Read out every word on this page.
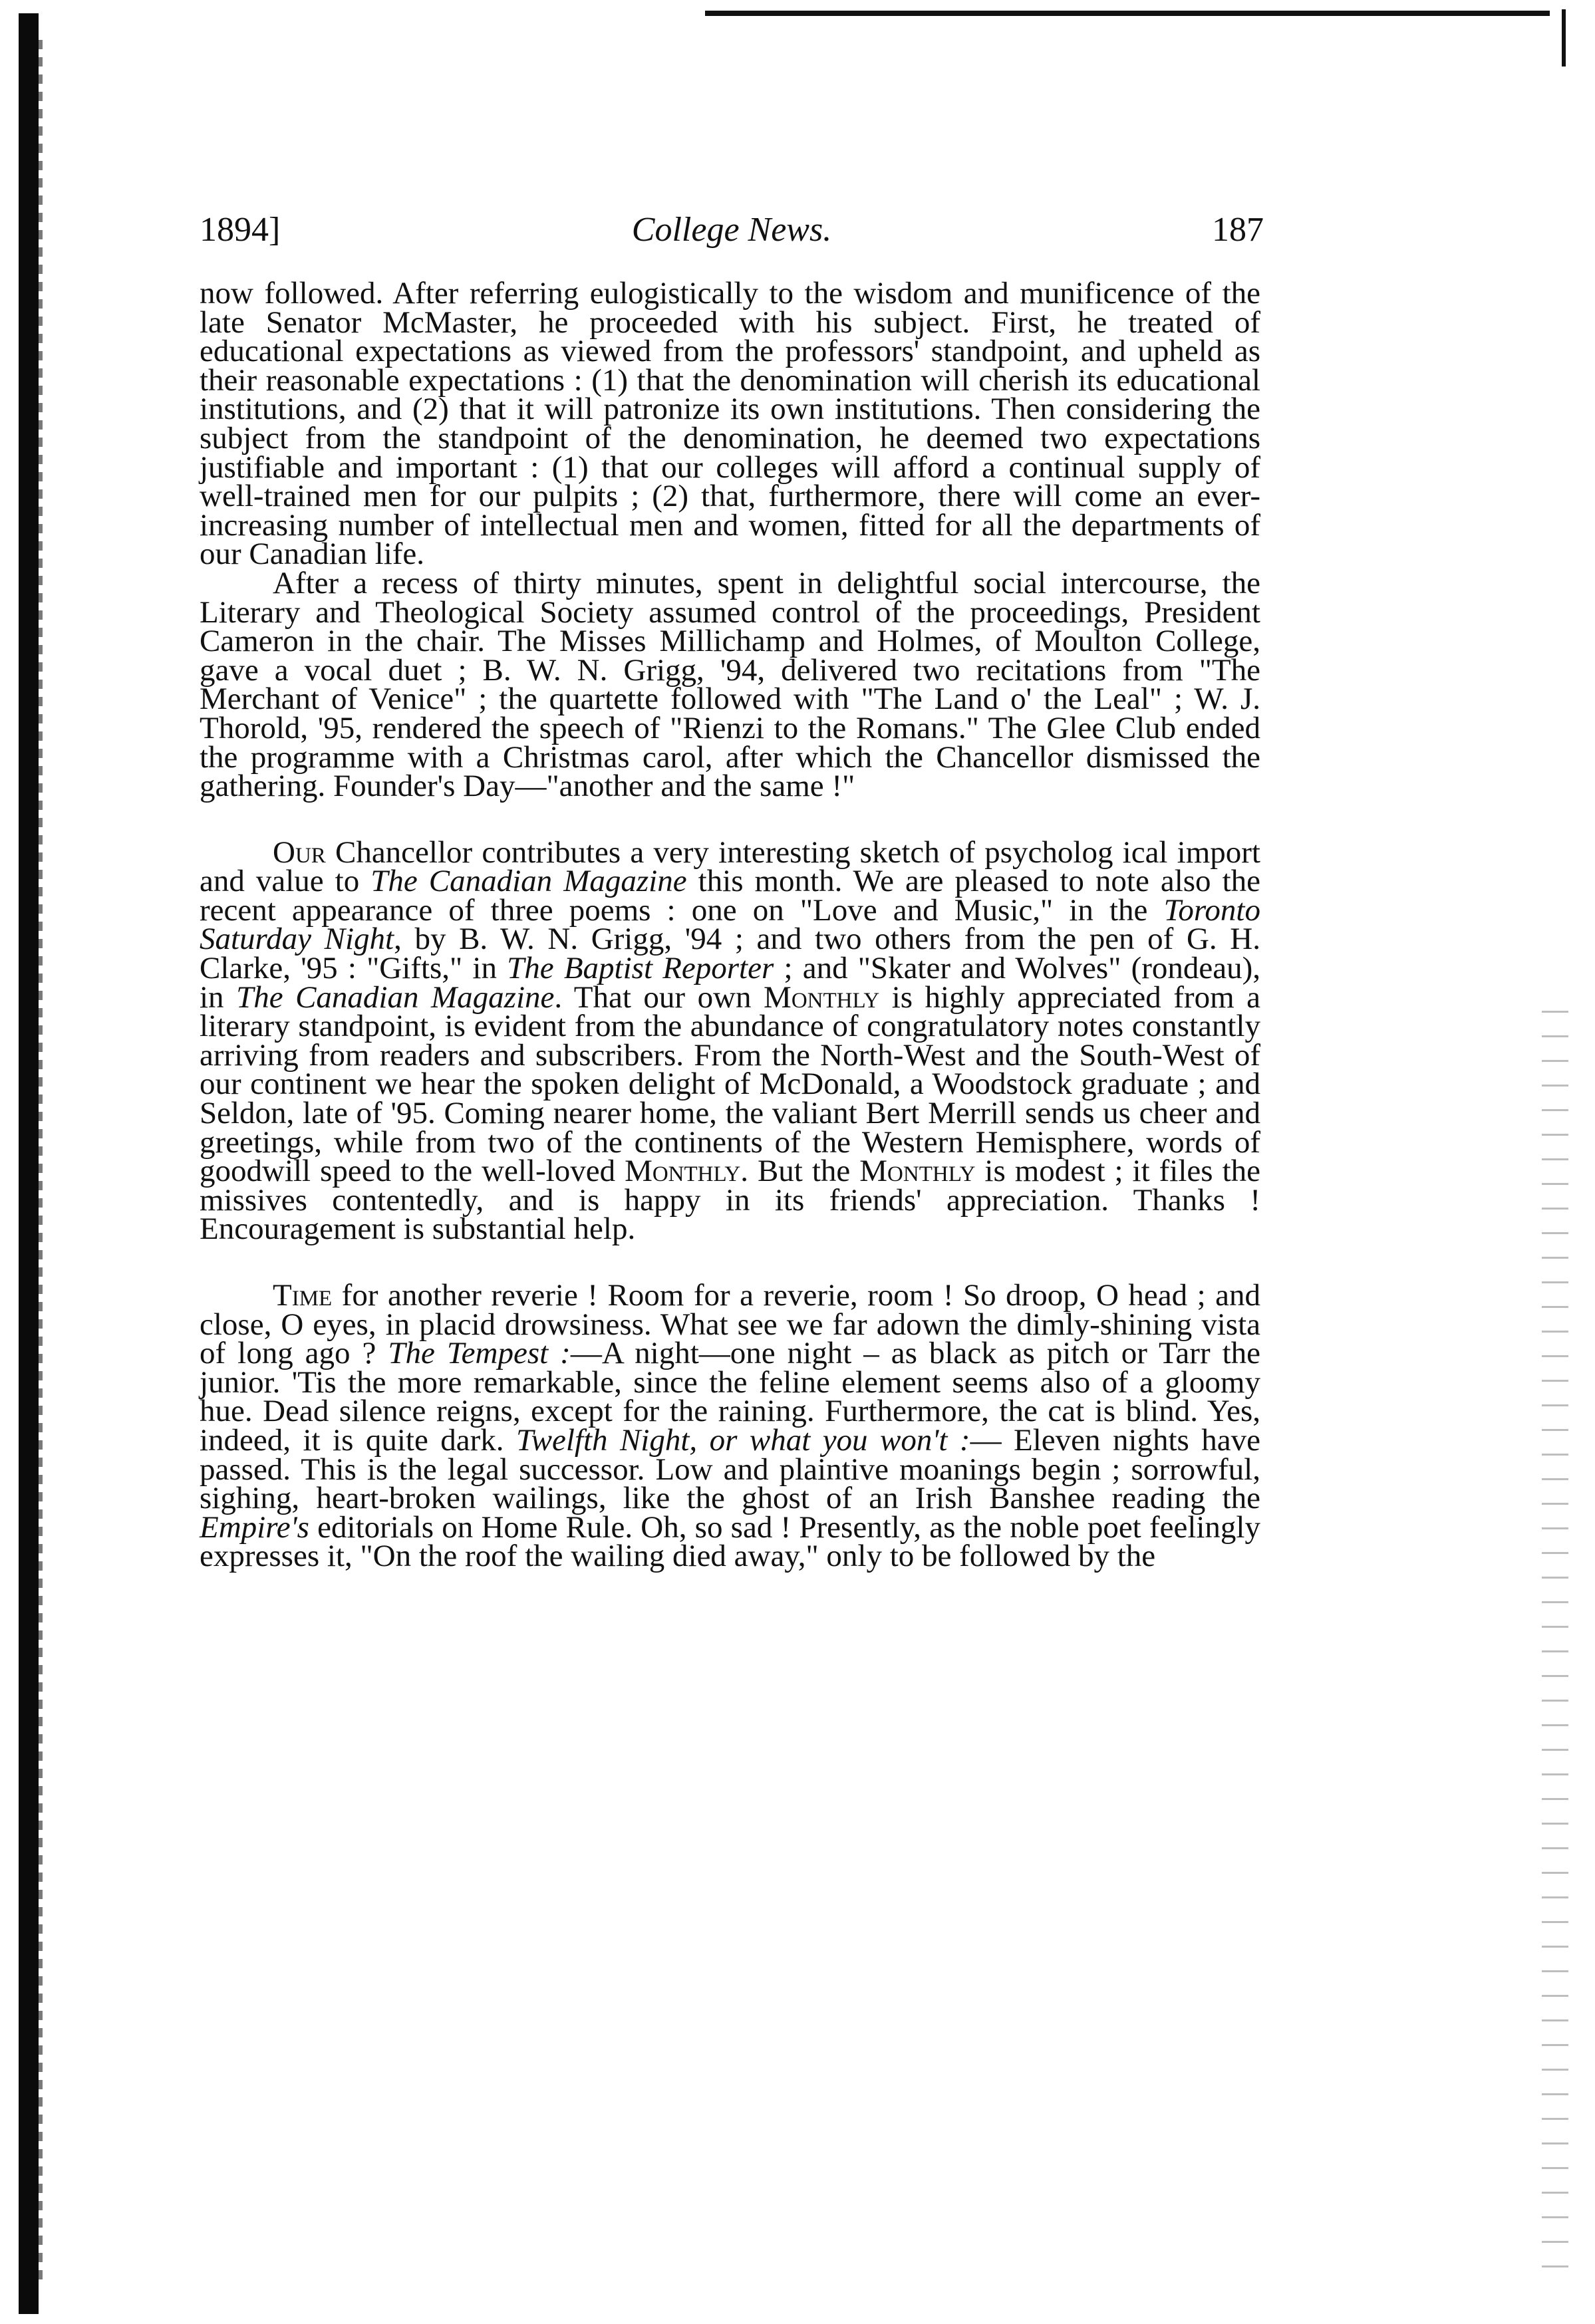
1894]	College News.	187

now followed. After referring eulogistically to the wisdom and munificence of the late Senator McMaster, he proceeded with his subject. First, he treated of educational expectations as viewed from the professors' standpoint, and upheld as their reasonable expectations : (1) that the denomination will cherish its educational institutions, and (2) that it will patronize its own institutions. Then considering the subject from the standpoint of the denomination, he deemed two expectations justifiable and important : (1) that our colleges will afford a continual supply of well-trained men for our pulpits ; (2) that, furthermore, there will come an ever-increasing number of intellectual men and women, fitted for all the departments of our Canadian life.

After a recess of thirty minutes, spent in delightful social intercourse, the Literary and Theological Society assumed control of the proceedings, President Cameron in the chair. The Misses Millichamp and Holmes, of Moulton College, gave a vocal duet ; B. W. N. Grigg, '94, delivered two recitations from "The Merchant of Venice" ; the quartette followed with "The Land o' the Leal" ; W. J. Thorold, '95, rendered the speech of "Rienzi to the Romans." The Glee Club ended the programme with a Christmas carol, after which the Chancellor dismissed the gathering. Founder's Day—"another and the same !"

Our Chancellor contributes a very interesting sketch of psycholog ical import and value to The Canadian Magazine this month. We are pleased to note also the recent appearance of three poems : one on "Love and Music," in the Toronto Saturday Night, by B. W. N. Grigg, '94 ; and two others from the pen of G. H. Clarke, '95 : "Gifts," in The Baptist Reporter ; and "Skater and Wolves" (rondeau), in The Canadian Magazine. That our own Monthly is highly appreciated from a literary standpoint, is evident from the abundance of congratulatory notes constantly arriving from readers and subscribers. From the North-West and the South-West of our continent we hear the spoken delight of McDonald, a Woodstock graduate ; and Seldon, late of '95. Coming nearer home, the valiant Bert Merrill sends us cheer and greetings, while from two of the continents of the Western Hemisphere, words of goodwill speed to the well-loved Monthly. But the Monthly is modest ; it files the missives contentedly, and is happy in its friends' appreciation. Thanks ! Encouragement is substantial help.

Time for another reverie ! Room for a reverie, room ! So droop, O head ; and close, O eyes, in placid drowsiness. What see we far adown the dimly-shining vista of long ago ? The Tempest :—A night—one night – as black as pitch or Tarr the junior. 'Tis the more remarkable, since the feline element seems also of a gloomy hue. Dead silence reigns, except for the raining. Furthermore, the cat is blind. Yes, indeed, it is quite dark. Twelfth Night, or what you won't :— Eleven nights have passed. This is the legal successor. Low and plaintive moanings begin ; sorrowful, sighing, heart-broken wailings, like the ghost of an Irish Banshee reading the Empire's editorials on Home Rule. Oh, so sad ! Presently, as the noble poet feelingly expresses it, "On the roof the wailing died away," only to be followed by the
